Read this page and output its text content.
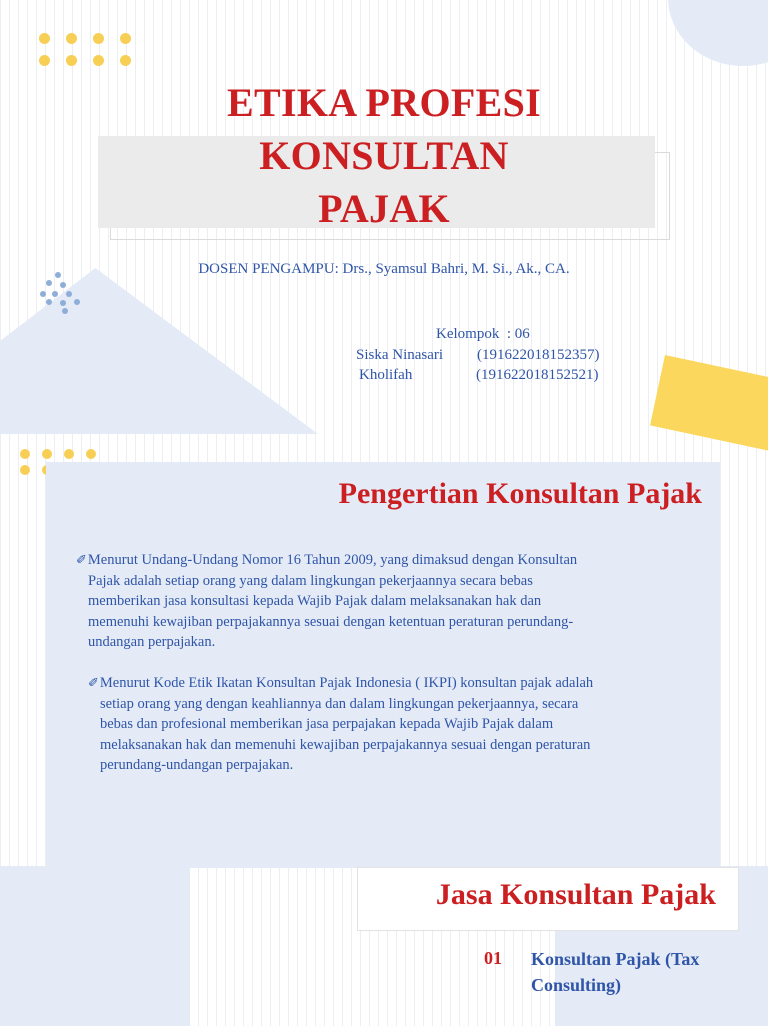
ETIKA PROFESI
KONSULTAN
PAJAK

DOSEN PENGAMPU: Drs., Syamsul Bahri, M. Si., Ak., CA.

Kelompok  : 06
Siska Ninasari	(191622018152357)
Kholifah	(191622018152521)
Pengertian Konsultan Pajak

✐Menurut Undang-Undang Nomor 16 Tahun 2009, yang dimaksud dengan Konsultan
Pajak adalah setiap orang yang dalam lingkungan pekerjaannya secara bebas
memberikan jasa konsultasi kepada Wajib Pajak dalam melaksanakan hak dan
memenuhi kewajiban perpajakannya sesuai dengan ketentuan peraturan perundang-
undangan perpajakan.

✐Menurut Kode Etik Ikatan Konsultan Pajak Indonesia ( IKPI) konsultan pajak adalah
setiap orang yang dengan keahliannya dan dalam lingkungan pekerjaannya, secara
bebas dan profesional memberikan jasa perpajakan kepada Wajib Pajak dalam
melaksanakan hak dan memenuhi kewajiban perpajakannya sesuai dengan peraturan
perundang-undangan perpajakan.

Jasa Konsultan Pajak
01 Konsultan Pajak (Tax Consulting)
